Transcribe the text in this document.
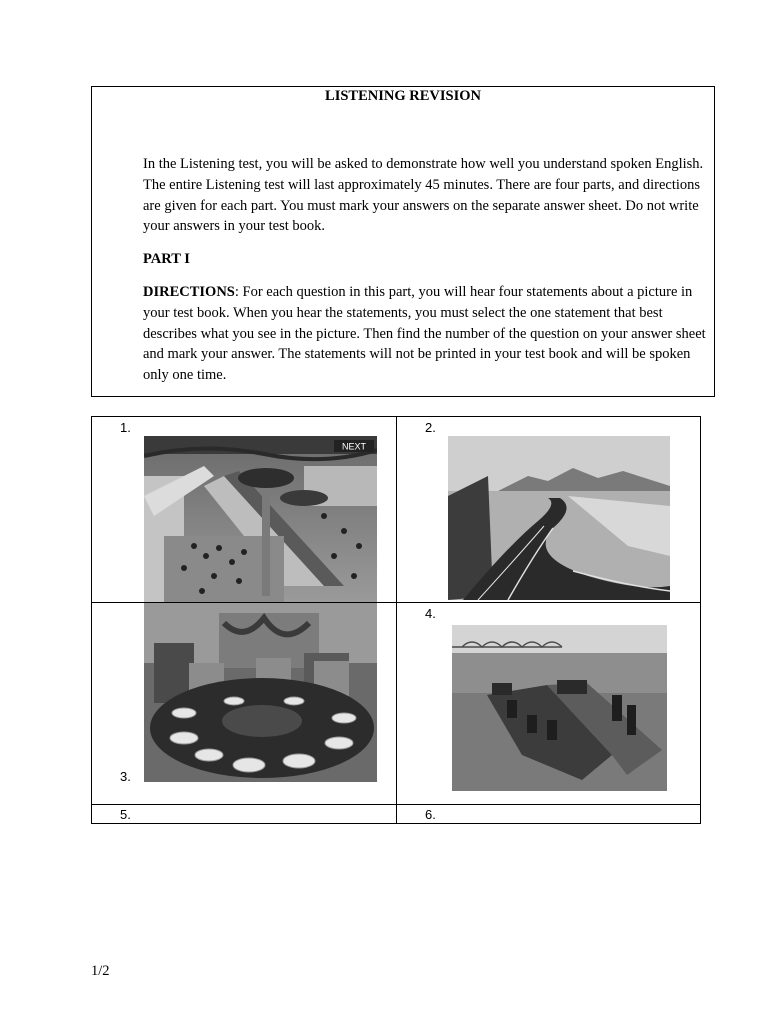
LISTENING REVISION

In the Listening test, you will be asked to demonstrate how well you understand spoken English. The entire Listening test will last approximately 45 minutes. There are four parts, and directions are given for each part. You must mark your answers on the separate answer sheet. Do not write your answers in your test book.

PART I

DIRECTIONS: For each question in this part, you will hear four statements about a picture in your test book. When you hear the statements, you must select the one statement that best describes what you see in the picture. Then find the number of the question on your answer sheet and mark your answer. The statements will not be printed in your test book and will be spoken only one time.

1.
NEXT
2.
3.
4.
5.	6.
1/2
